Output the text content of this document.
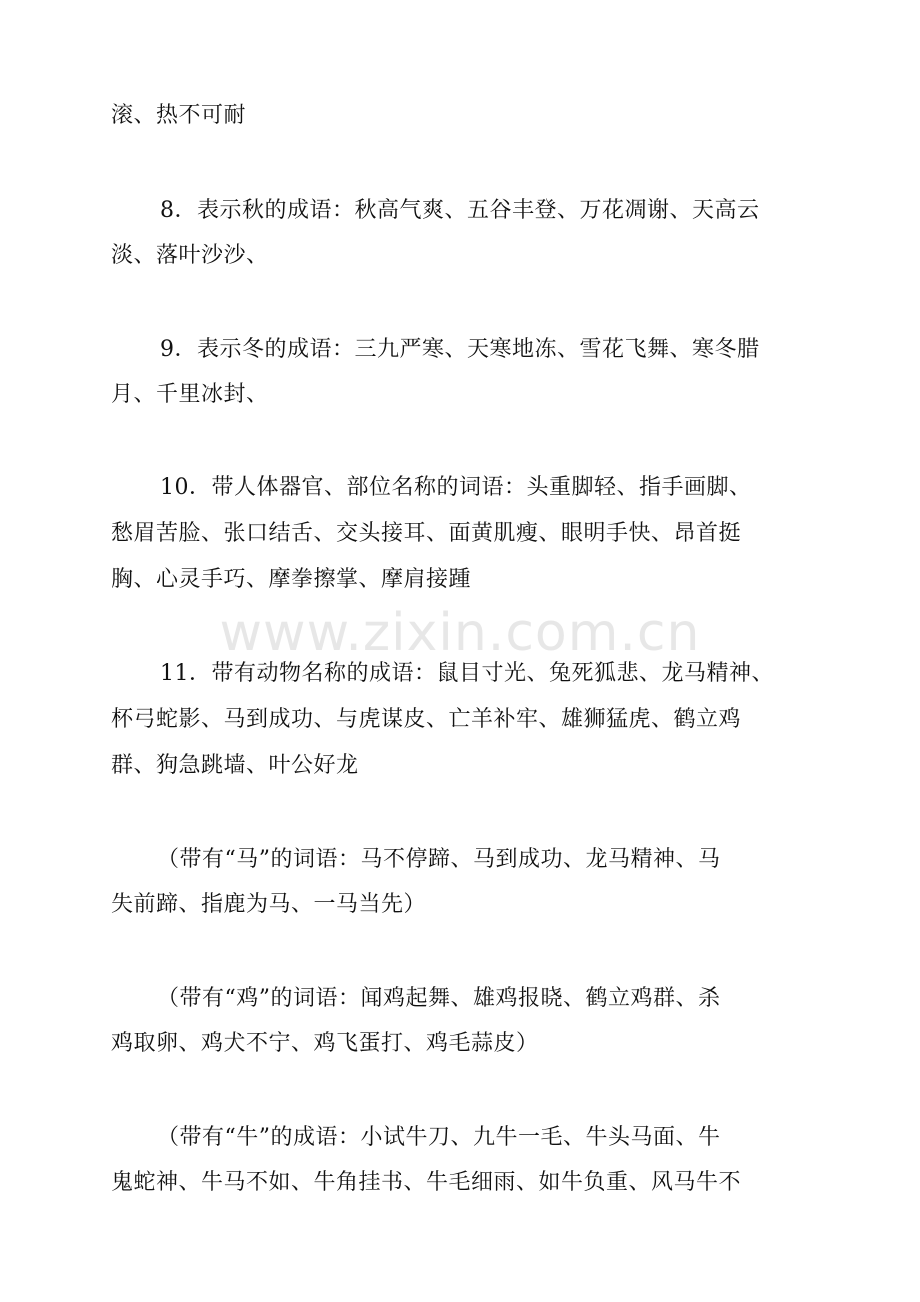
滚、热不可耐
8．表示秋的成语：秋高气爽、五谷丰登、万花凋谢、天高云
淡、落叶沙沙、
9．表示冬的成语：三九严寒、天寒地冻、雪花飞舞、寒冬腊
月、千里冰封、
10．带人体器官、部位名称的词语：头重脚轻、指手画脚、
愁眉苦脸、张口结舌、交头接耳、面黄肌瘦、眼明手快、昂首挺
胸、心灵手巧、摩拳擦掌、摩肩接踵
www.zixin.com.cn
11．带有动物名称的成语：鼠目寸光、兔死狐悲、龙马精神、
杯弓蛇影、马到成功、与虎谋皮、亡羊补牢、雄狮猛虎、鹤立鸡
群、狗急跳墙、叶公好龙
（带有“马”的词语：马不停蹄、马到成功、龙马精神、马
失前蹄、指鹿为马、一马当先）
（带有“鸡”的词语：闻鸡起舞、雄鸡报晓、鹤立鸡群、杀
鸡取卵、鸡犬不宁、鸡飞蛋打、鸡毛蒜皮）
（带有“牛”的成语：小试牛刀、九牛一毛、牛头马面、牛
鬼蛇神、牛马不如、牛角挂书、牛毛细雨、如牛负重、风马牛不
